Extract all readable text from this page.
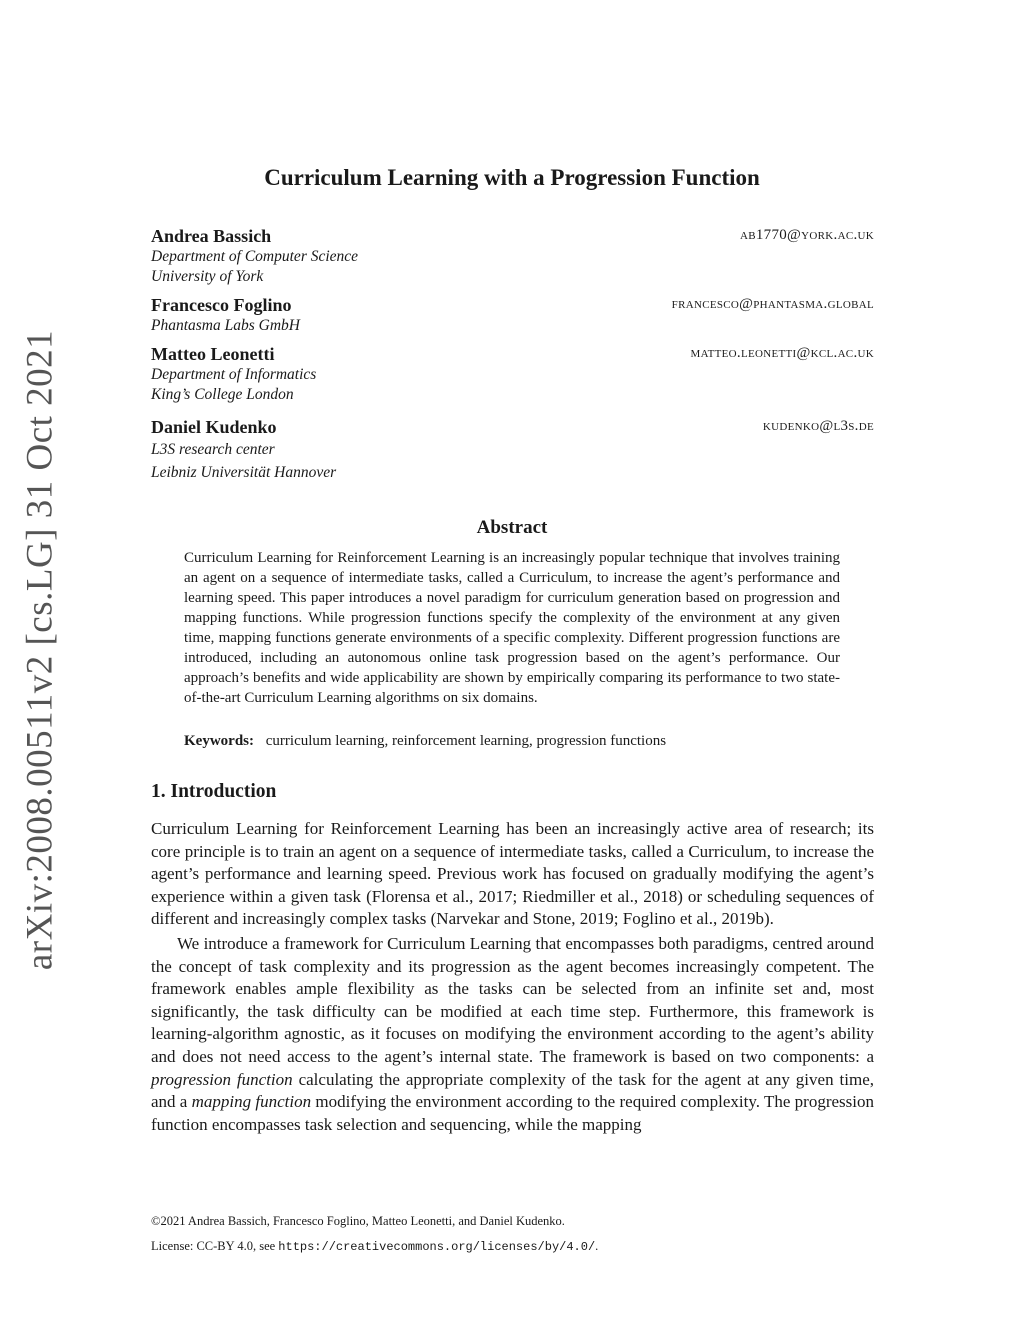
arXiv:2008.00511v2 [cs.LG] 31 Oct 2021
Curriculum Learning with a Progression Function
Andrea Bassich	ab1770@york.ac.uk
Department of Computer Science
University of York
Francesco Foglino	francesco@phantasma.global
Phantasma Labs GmbH
Matteo Leonetti	matteo.leonetti@kcl.ac.uk
Department of Informatics
King’s College London
Daniel Kudenko	kudenko@l3s.de
L3S research center
Leibniz Universität Hannover
Abstract
Curriculum Learning for Reinforcement Learning is an increasingly popular technique that involves training an agent on a sequence of intermediate tasks, called a Curriculum, to increase the agent’s performance and learning speed. This paper introduces a novel paradigm for curriculum generation based on progression and mapping functions. While progression functions specify the complexity of the environment at any given time, mapping functions generate environments of a specific complexity. Different progression functions are introduced, including an autonomous online task progression based on the agent’s performance. Our approach’s benefits and wide applicability are shown by empirically comparing its performance to two state-of-the-art Curriculum Learning algorithms on six domains.
Keywords: curriculum learning, reinforcement learning, progression functions
1. Introduction

Curriculum Learning for Reinforcement Learning has been an increasingly active area of research; its core principle is to train an agent on a sequence of intermediate tasks, called a Curriculum, to increase the agent’s performance and learning speed. Previous work has focused on gradually modifying the agent’s experience within a given task (Florensa et al., 2017; Riedmiller et al., 2018) or scheduling sequences of different and increasingly complex tasks (Narvekar and Stone, 2019; Foglino et al., 2019b).

We introduce a framework for Curriculum Learning that encompasses both paradigms, centred around the concept of task complexity and its progression as the agent becomes increasingly competent. The framework enables ample flexibility as the tasks can be selected from an infinite set and, most significantly, the task difficulty can be modified at each time step. Furthermore, this framework is learning-algorithm agnostic, as it focuses on modifying the environment according to the agent’s ability and does not need access to the agent’s internal state. The framework is based on two components: a progression function calculating the appropriate complexity of the task for the agent at any given time, and a mapping function modifying the environment according to the required complexity. The progression function encompasses task selection and sequencing, while the mapping

©2021 Andrea Bassich, Francesco Foglino, Matteo Leonetti, and Daniel Kudenko.
License: CC-BY 4.0, see https://creativecommons.org/licenses/by/4.0/.
